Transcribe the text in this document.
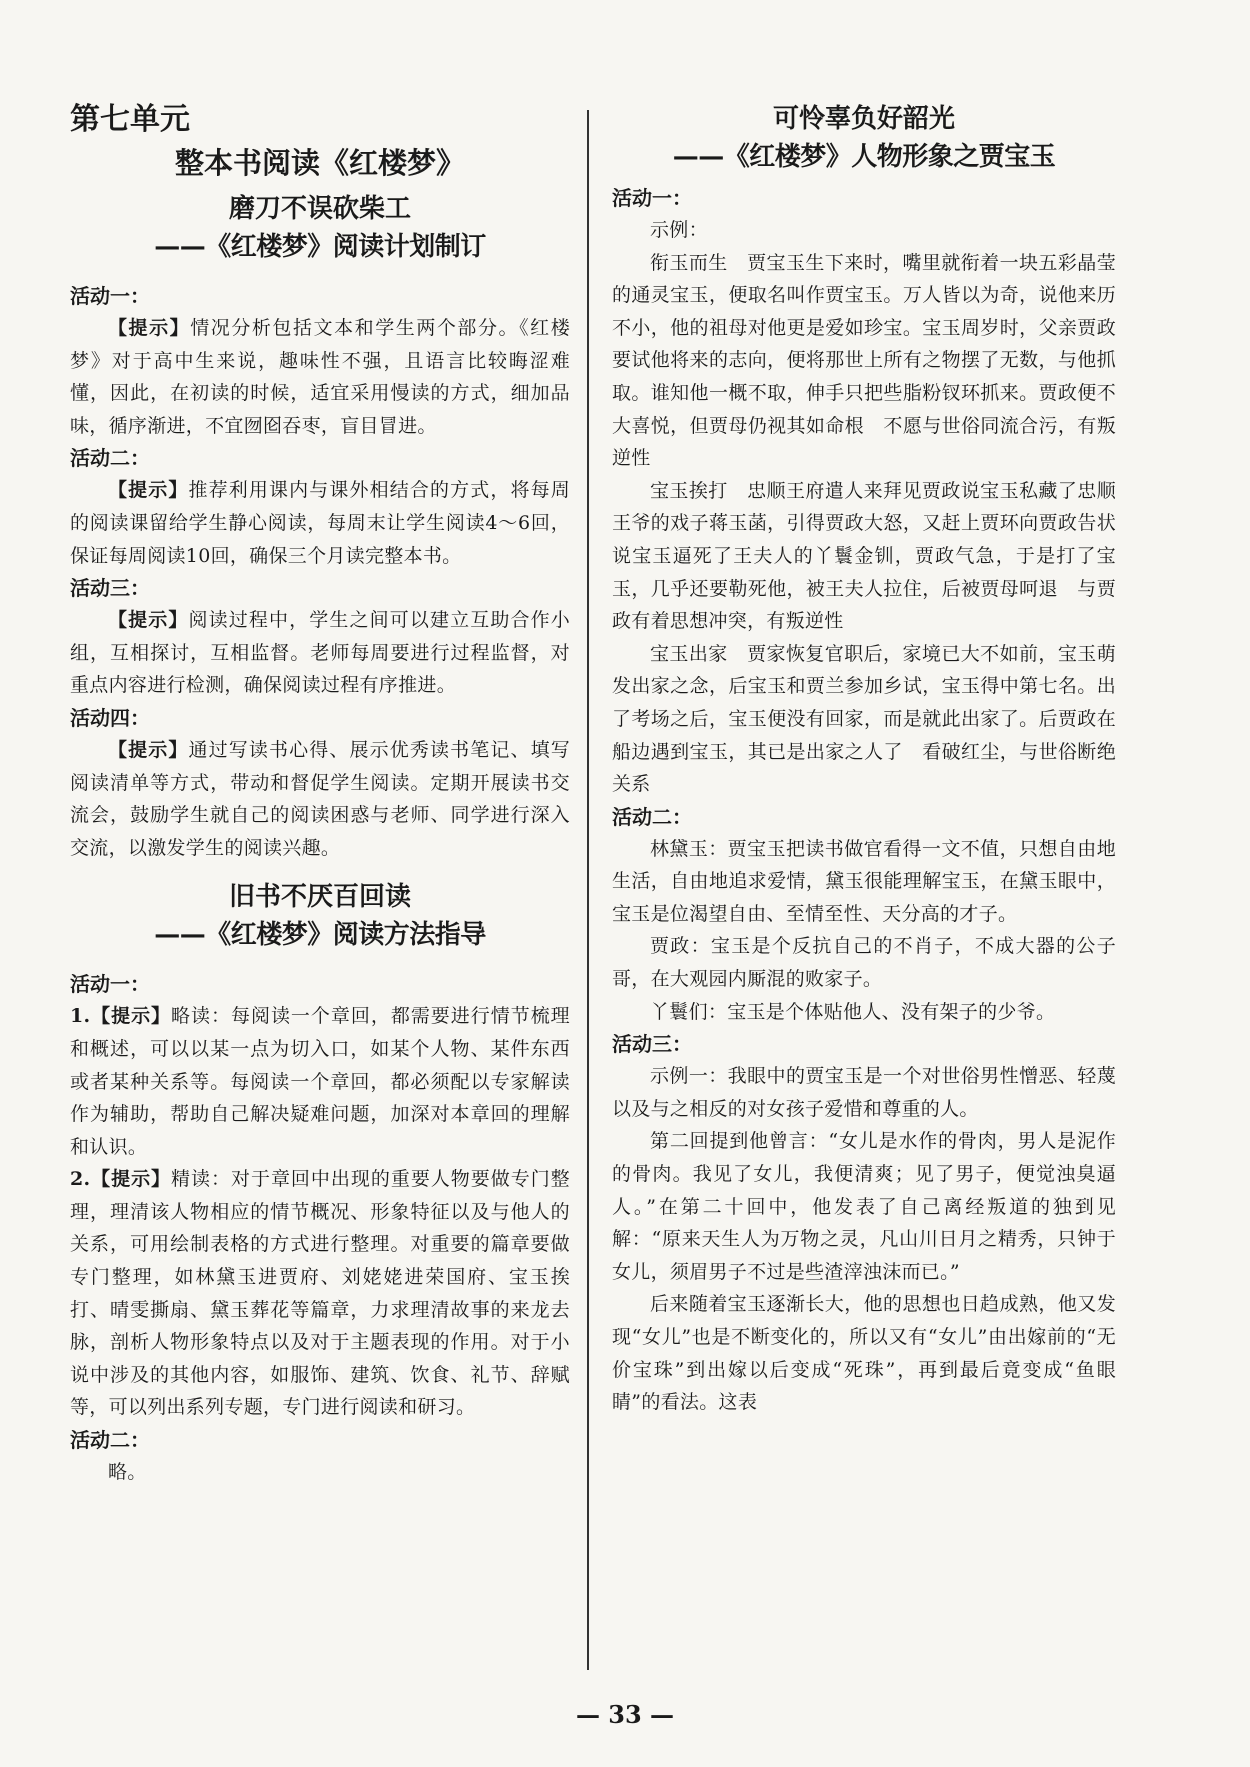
第七单元
整本书阅读《红楼梦》
磨刀不误砍柴工
——《红楼梦》阅读计划制订
活动一：

【提示】情况分析包括文本和学生两个部分。《红楼梦》对于高中生来说，趣味性不强，且语言比较晦涩难懂，因此，在初读的时候，适宜采用慢读的方式，细加品味，循序渐进，不宜囫囵吞枣，盲目冒进。

活动二：

【提示】推荐利用课内与课外相结合的方式，将每周的阅读课留给学生静心阅读，每周末让学生阅读4～6回，保证每周阅读10回，确保三个月读完整本书。

活动三：

【提示】阅读过程中，学生之间可以建立互助合作小组，互相探讨，互相监督。老师每周要进行过程监督，对重点内容进行检测，确保阅读过程有序推进。

活动四：

【提示】通过写读书心得、展示优秀读书笔记、填写阅读清单等方式，带动和督促学生阅读。定期开展读书交流会，鼓励学生就自己的阅读困惑与老师、同学进行深入交流，以激发学生的阅读兴趣。

旧书不厌百回读
——《红楼梦》阅读方法指导
活动一：

1.【提示】略读：每阅读一个章回，都需要进行情节梳理和概述，可以以某一点为切入口，如某个人物、某件东西或者某种关系等。每阅读一个章回，都必须配以专家解读作为辅助，帮助自己解决疑难问题，加深对本章回的理解和认识。

2.【提示】精读：对于章回中出现的重要人物要做专门整理，理清该人物相应的情节概况、形象特征以及与他人的关系，可用绘制表格的方式进行整理。对重要的篇章要做专门整理，如林黛玉进贾府、刘姥姥进荣国府、宝玉挨打、晴雯撕扇、黛玉葬花等篇章，力求理清故事的来龙去脉，剖析人物形象特点以及对于主题表现的作用。对于小说中涉及的其他内容，如服饰、建筑、饮食、礼节、辞赋等，可以列出系列专题，专门进行阅读和研习。

活动二：

略。

可怜辜负好韶光
——《红楼梦》人物形象之贾宝玉
活动一：

示例：

衔玉而生　贾宝玉生下来时，嘴里就衔着一块五彩晶莹的通灵宝玉，便取名叫作贾宝玉。万人皆以为奇，说他来历不小，他的祖母对他更是爱如珍宝。宝玉周岁时，父亲贾政要试他将来的志向，便将那世上所有之物摆了无数，与他抓取。谁知他一概不取，伸手只把些脂粉钗环抓来。贾政便不大喜悦，但贾母仍视其如命根　不愿与世俗同流合污，有叛逆性

宝玉挨打　忠顺王府遣人来拜见贾政说宝玉私藏了忠顺王爷的戏子蒋玉菡，引得贾政大怒，又赶上贾环向贾政告状说宝玉逼死了王夫人的丫鬟金钏，贾政气急，于是打了宝玉，几乎还要勒死他，被王夫人拉住，后被贾母呵退　与贾政有着思想冲突，有叛逆性

宝玉出家　贾家恢复官职后，家境已大不如前，宝玉萌发出家之念，后宝玉和贾兰参加乡试，宝玉得中第七名。出了考场之后，宝玉便没有回家，而是就此出家了。后贾政在船边遇到宝玉，其已是出家之人了　看破红尘，与世俗断绝关系

活动二：

林黛玉：贾宝玉把读书做官看得一文不值，只想自由地生活，自由地追求爱情，黛玉很能理解宝玉，在黛玉眼中，宝玉是位渴望自由、至情至性、天分高的才子。

贾政：宝玉是个反抗自己的不肖子，不成大器的公子哥，在大观园内厮混的败家子。

丫鬟们：宝玉是个体贴他人、没有架子的少爷。

活动三：

示例一：我眼中的贾宝玉是一个对世俗男性憎恶、轻蔑以及与之相反的对女孩子爱惜和尊重的人。

第二回提到他曾言：“女儿是水作的骨肉，男人是泥作的骨肉。我见了女儿，我便清爽；见了男子，便觉浊臭逼人。”在第二十回中，他发表了自己离经叛道的独到见解：“原来天生人为万物之灵，凡山川日月之精秀，只钟于女儿，须眉男子不过是些渣滓浊沫而已。”

后来随着宝玉逐渐长大，他的思想也日趋成熟，他又发现“女儿”也是不断变化的，所以又有“女儿”由出嫁前的“无价宝珠”到出嫁以后变成“死珠”，再到最后竟变成“鱼眼睛”的看法。这表

— 33 —
